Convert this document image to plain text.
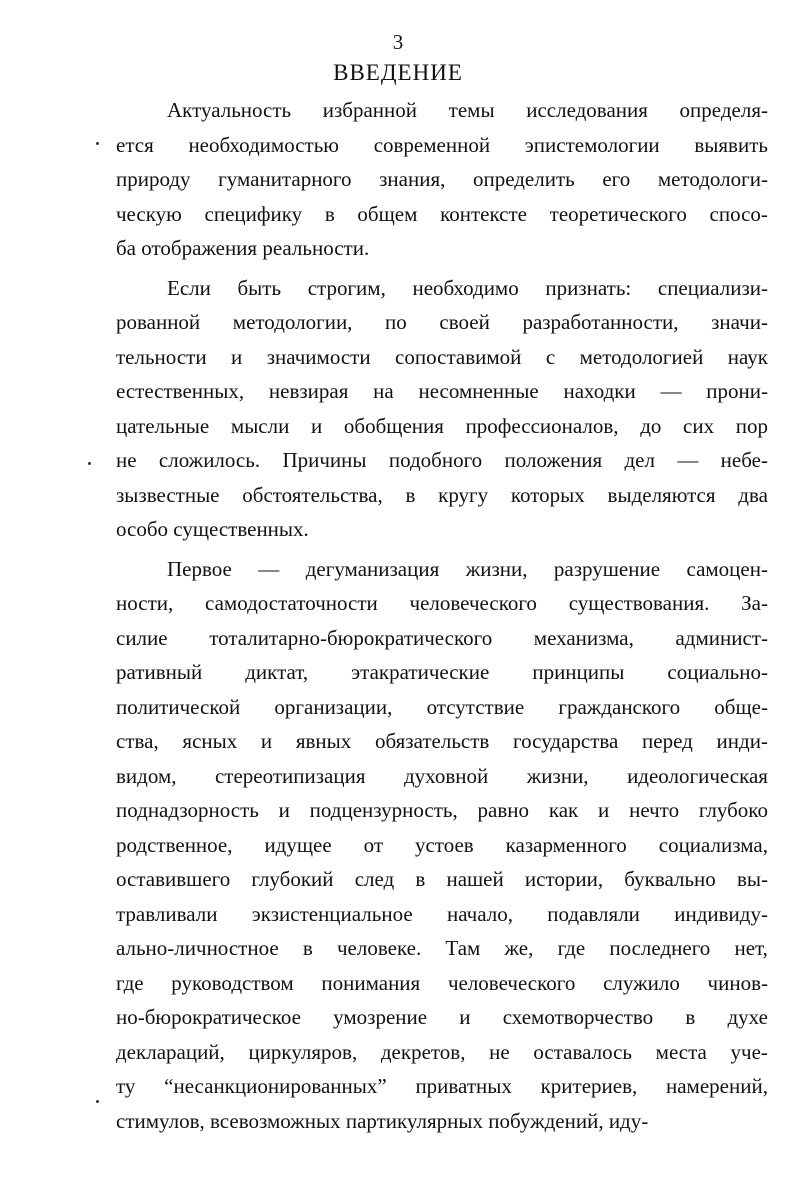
3
ВВЕДЕНИЕ
Актуальность избранной темы исследования определя-
ется необходимостью современной эпистемологии выявить
природу гуманитарного знания, определить его методологи-
ческую специфику в общем контексте теоретического спосо-
ба отображения реальности.
Если быть строгим, необходимо признать: специализи-
рованной методологии, по своей разработанности, значи-
тельности и значимости сопоставимой с методологией наук
естественных, невзирая на несомненные находки — прони-
цательные мысли и обобщения профессионалов, до сих пор
не сложилось. Причины подобного положения дел — небе-
зызвестные обстоятельства, в кругу которых выделяются два
особо существенных.
Первое — дегуманизация жизни, разрушение самоцен-
ности, самодостаточности человеческого существования. За-
силие тоталитарно-бюрократического механизма, админист-
ративный диктат, этакратические принципы социально-
политической организации, отсутствие гражданского обще-
ства, ясных и явных обязательств государства перед инди-
видом, стереотипизация духовной жизни, идеологическая
поднадзорность и подцензурность, равно как и нечто глубоко
родственное, идущее от устоев казарменного социализма,
оставившего глубокий след в нашей истории, буквально вы-
травливали экзистенциальное начало, подавляли индивиду-
ально-личностное в человеке. Там же, где последнего нет,
где руководством понимания человеческого служило чинов-
но-бюрократическое умозрение и схемотворчество в духе
деклараций, циркуляров, декретов, не оставалось места учe-
ту “несанкционированных” приватных критериев, намерений,
стимулов, всевозможных партикулярных побуждений, иду-
